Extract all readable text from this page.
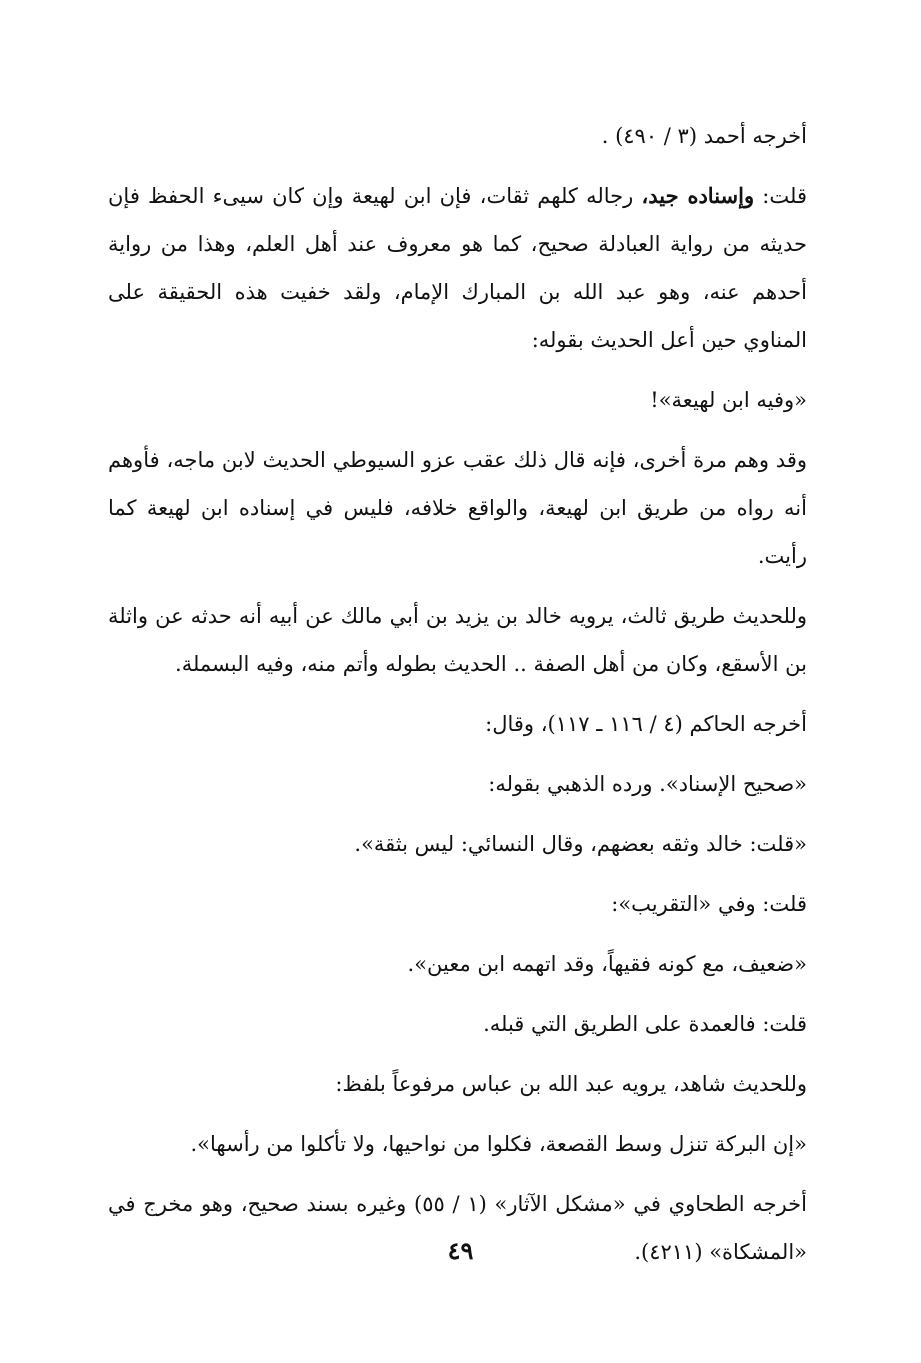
أخرجه أحمد (٣ / ٤٩٠) .

قلت: وإسناده جيد، رجاله كلهم ثقات، فإن ابن لهيعة وإن كان سيىء الحفظ فإن حديثه من رواية العبادلة صحيح، كما هو معروف عند أهل العلم، وهذا من رواية أحدهم عنه، وهو عبد الله بن المبارك الإمام، ولقد خفيت هذه الحقيقة على المناوي حين أعل الحديث بقوله:

«وفيه ابن لهيعة»!

وقد وهم مرة أخرى، فإنه قال ذلك عقب عزو السيوطي الحديث لابن ماجه، فأوهم أنه رواه من طريق ابن لهيعة، والواقع خلافه، فليس في إسناده ابن لهيعة كما رأيت.

وللحديث طريق ثالث، يرويه خالد بن يزيد بن أبي مالك عن أبيه أنه حدثه عن واثلة بن الأسقع، وكان من أهل الصفة .. الحديث بطوله وأتم منه، وفيه البسملة.

أخرجه الحاكم (٤ / ١١٦ ـ ١١٧)، وقال:

«صحيح الإسناد». ورده الذهبي بقوله:

«قلت: خالد وثقه بعضهم، وقال النسائي: ليس بثقة».

قلت: وفي «التقريب»:

«ضعيف، مع كونه فقيهاً، وقد اتهمه ابن معين».

قلت: فالعمدة على الطريق التي قبله.

وللحديث شاهد، يرويه عبد الله بن عباس مرفوعاً بلفظ:

«إن البركة تنزل وسط القصعة، فكلوا من نواحيها، ولا تأكلوا من رأسها».

أخرجه الطحاوي في «مشكل الآثار» (١ / ٥٥) وغيره بسند صحيح، وهو مخرج في «المشكاة» (٤٢١١).

٤٩
